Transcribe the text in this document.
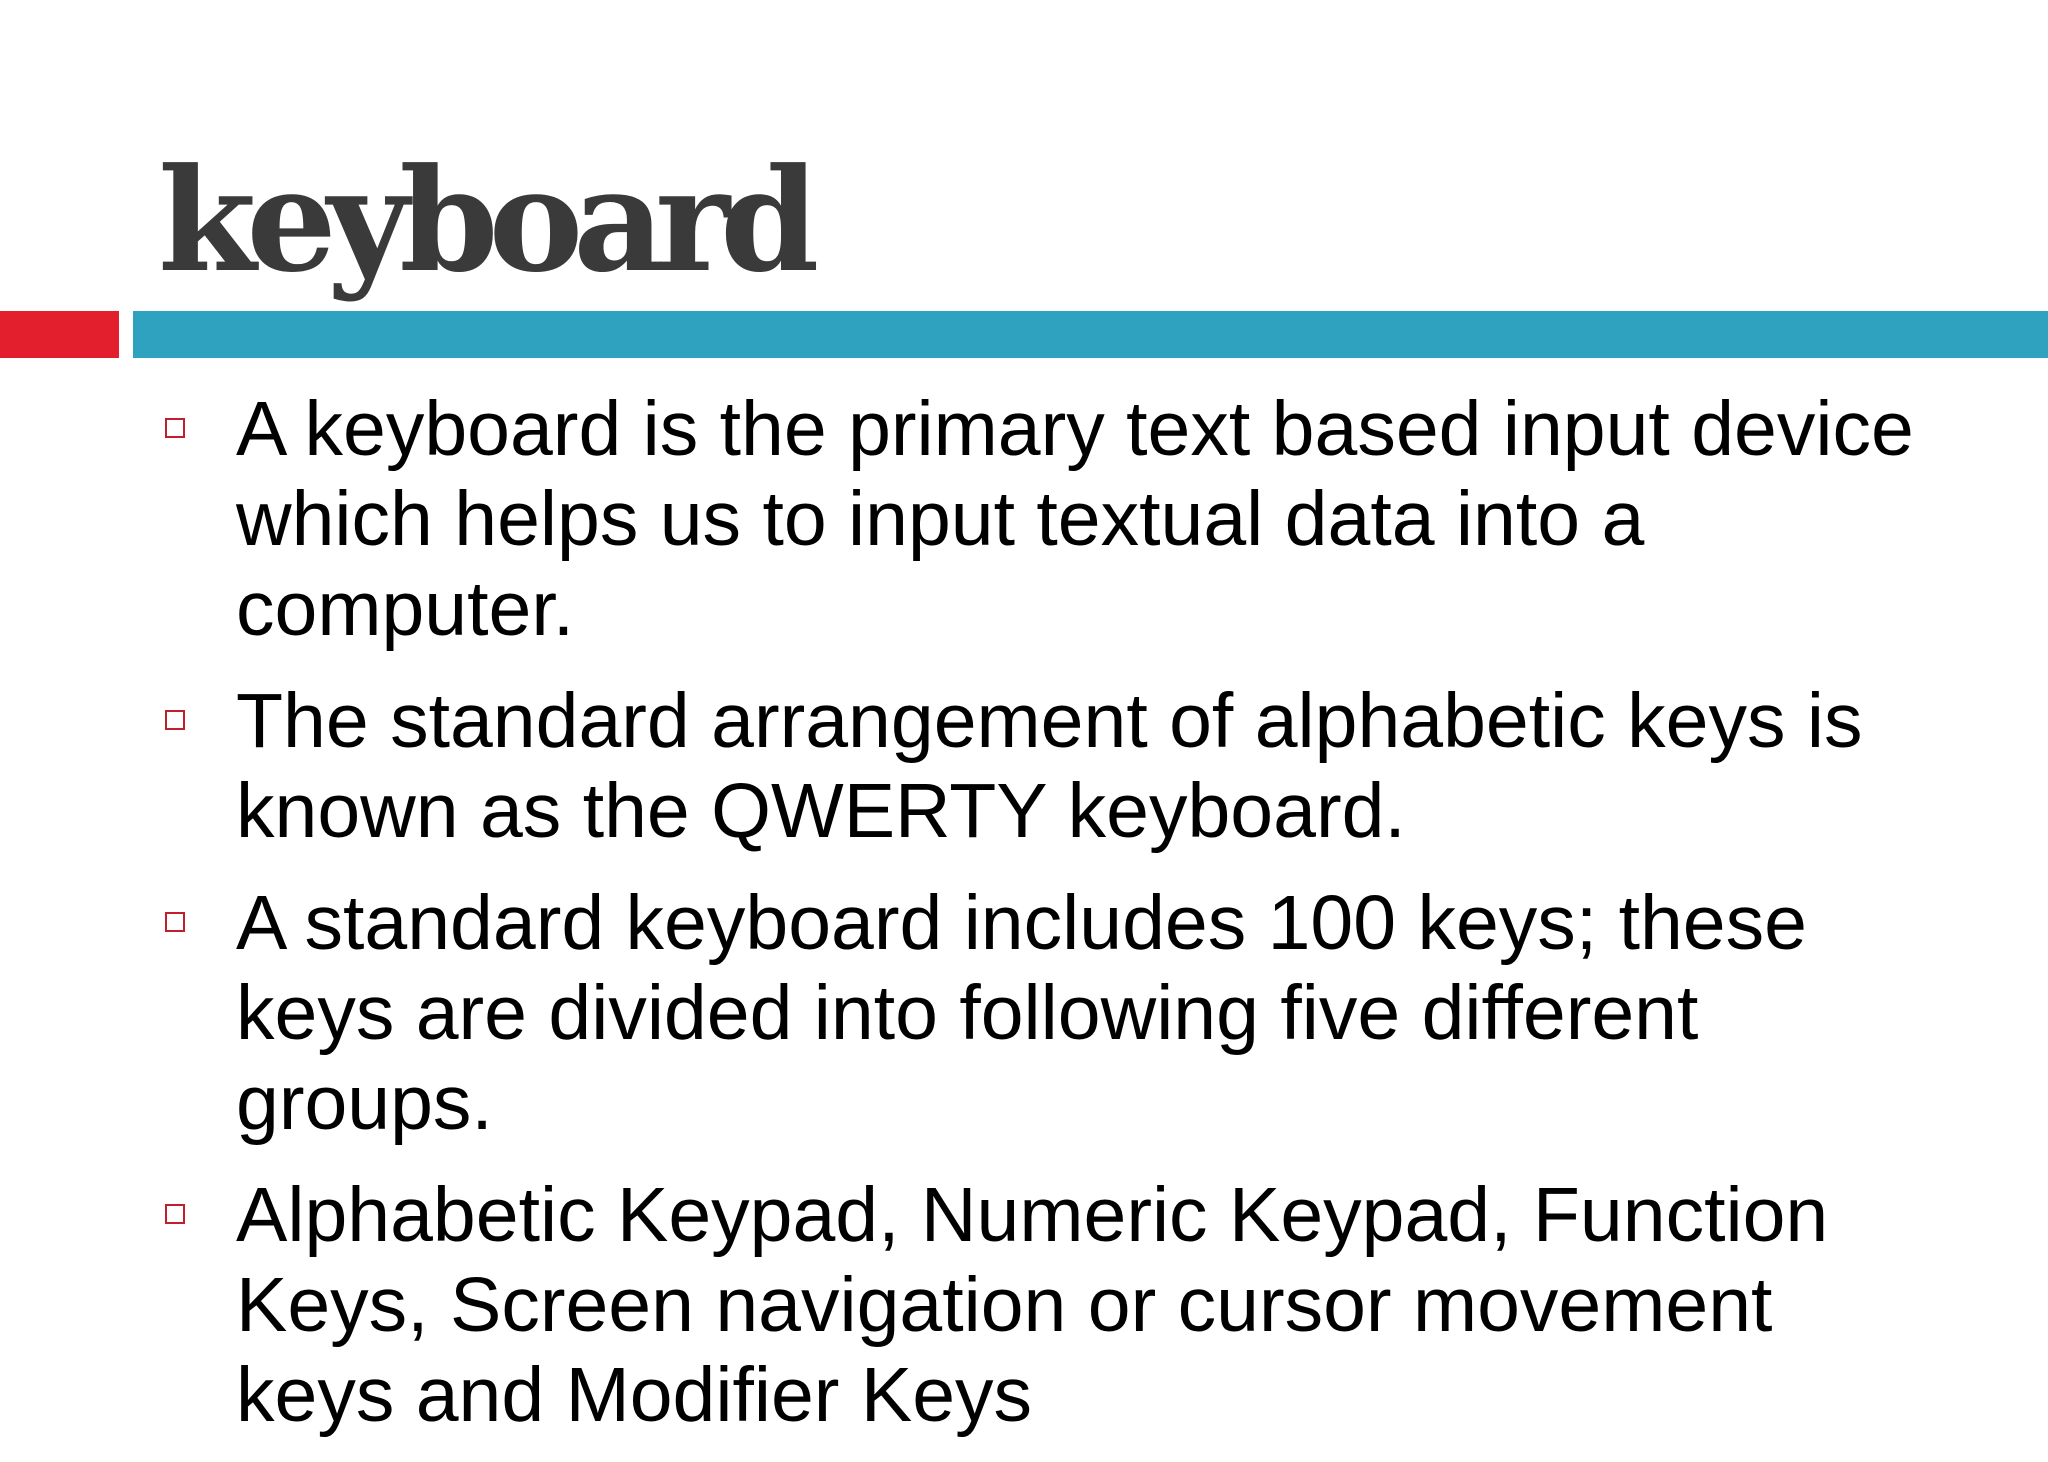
keyboard
A keyboard is the primary text based input device which helps us to input textual data into a computer.
The standard arrangement of alphabetic keys is known as the QWERTY keyboard.
A standard keyboard includes 100 keys; these keys are divided into following five different groups.
Alphabetic Keypad, Numeric Keypad, Function Keys, Screen navigation or cursor movement keys and Modifier Keys
